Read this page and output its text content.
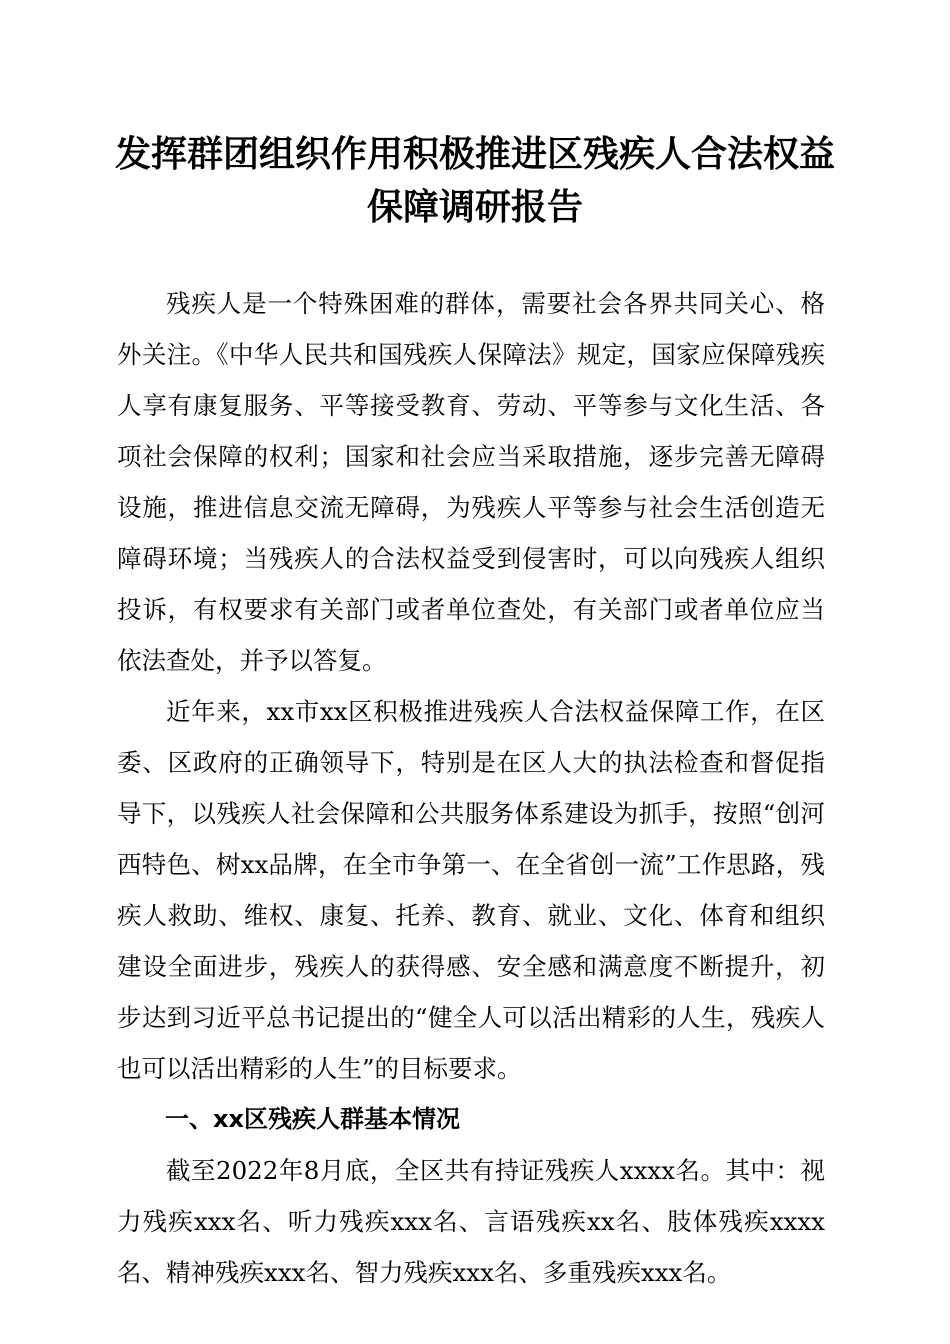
发挥群团组织作用积极推进区残疾人合法权益
保障调研报告

残疾人是一个特殊困难的群体，需要社会各界共同关心、格外关注。《中华人民共和国残疾人保障法》规定，国家应保障残疾人享有康复服务、平等接受教育、劳动、平等参与文化生活、各项社会保障的权利；国家和社会应当采取措施，逐步完善无障碍设施，推进信息交流无障碍，为残疾人平等参与社会生活创造无障碍环境；当残疾人的合法权益受到侵害时，可以向残疾人组织投诉，有权要求有关部门或者单位查处，有关部门或者单位应当依法查处，并予以答复。

近年来，xx市xx区积极推进残疾人合法权益保障工作，在区委、区政府的正确领导下，特别是在区人大的执法检查和督促指导下，以残疾人社会保障和公共服务体系建设为抓手，按照“创河西特色、树xx品牌，在全市争第一、在全省创一流”工作思路，残疾人救助、维权、康复、托养、教育、就业、文化、体育和组织建设全面进步，残疾人的获得感、安全感和满意度不断提升，初步达到习近平总书记提出的“健全人可以活出精彩的人生，残疾人也可以活出精彩的人生”的目标要求。

一、xx区残疾人群基本情况

截至2022年8月底，全区共有持证残疾人xxxx名。其中：视力残疾xxx名、听力残疾xxx名、言语残疾xx名、肢体残疾xxxx名、精神残疾xxx名、智力残疾xxx名、多重残疾xxx名。
